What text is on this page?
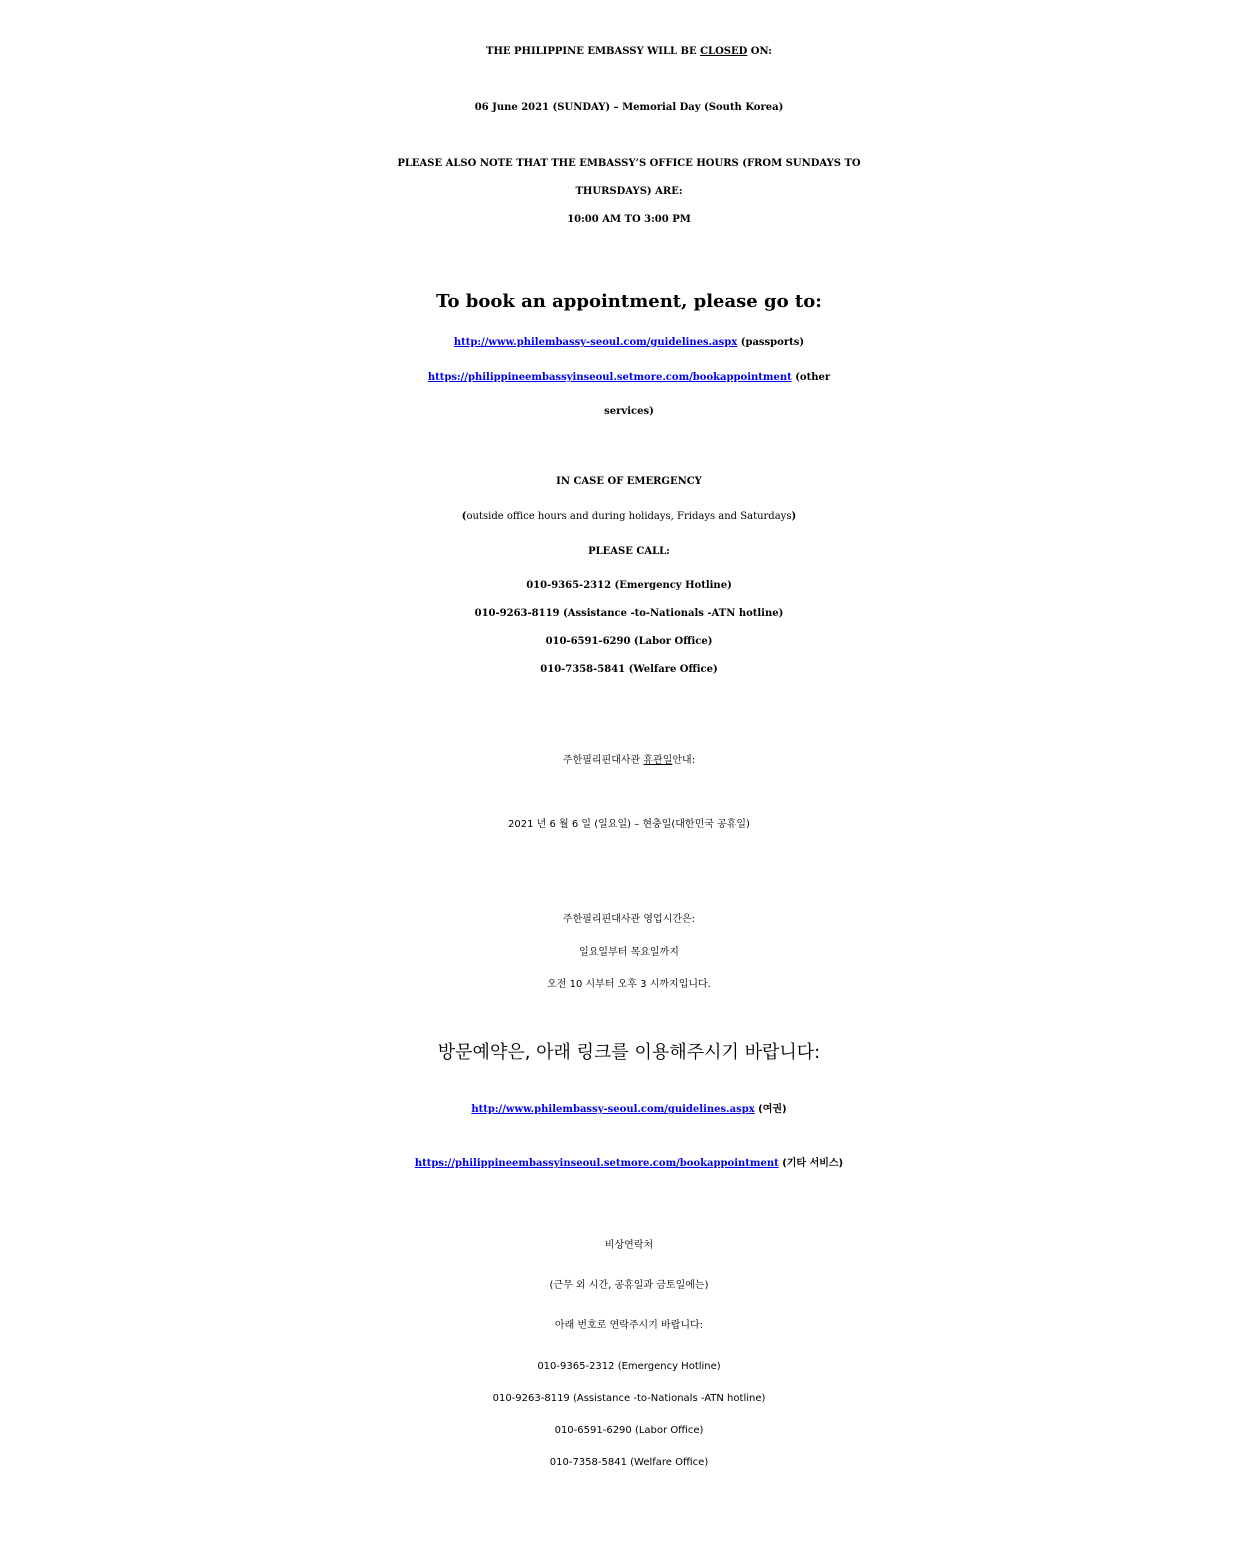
THE PHILIPPINE EMBASSY WILL BE CLOSED ON:
06 June 2021 (SUNDAY) – Memorial Day (South Korea)
PLEASE ALSO NOTE THAT THE EMBASSY’S OFFICE HOURS (FROM SUNDAYS TO
THURSDAYS) ARE:
10:00 AM TO 3:00 PM
To book an appointment, please go to:
http://www.philembassy-seoul.com/guidelines.aspx (passports)
https://philippineembassyinseoul.setmore.com/bookappointment (other
services)
IN CASE OF EMERGENCY
(outside office hours and during holidays, Fridays and Saturdays)
PLEASE CALL:
010-9365-2312 (Emergency Hotline)
010-9263-8119 (Assistance -to-Nationals -ATN hotline)
010-6591-6290 (Labor Office)
010-7358-5841 (Welfare Office)
주한필리핀대사관 휴관일안내:
2021 년 6 월 6 일 (일요일) – 현충일(대한민국 공휴일)
주한필리핀대사관 영업시간은:
일요일부터 목요일까지
오전 10 시부터 오후 3 시까지입니다.
방문예약은, 아래 링크를 이용해주시기 바랍니다:
http://www.philembassy-seoul.com/guidelines.aspx (여권)
https://philippineembassyinseoul.setmore.com/bookappointment (기타 서비스)
비상연락처
(근무 외 시간, 공휴일과 금토일에는)
아래 번호로 연락주시기 바랍니다:
010-9365-2312 (Emergency Hotline)
010-9263-8119 (Assistance -to-Nationals -ATN hotline)
010-6591-6290 (Labor Office)
010-7358-5841 (Welfare Office)
